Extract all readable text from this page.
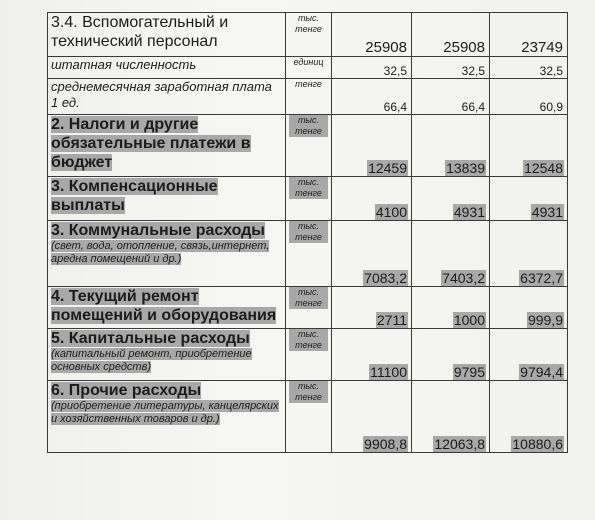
3.4. Вспомогательный и технический персонал	тыс. тенге	25908	25908	23749

штатная численность	единиц	32,5	32,5	32,5

среднемесячная заработная плата 1 ед.	тенге	66,4	66,4	60,9

2. Налоги и другие обязательные платежи в бюджет	тыс. тенге	12459	13839	12548

3. Компенсационные выплаты	тыс. тенге	4100	4931	4931

3. Коммунальные расходы
(свет, вода, отопление, связь,интернет, аредна помещений и др.)	тыс. тенге	7083,2	7403,2	6372,7

4. Текущий ремонт помещений и оборудования	тыс. тенге	2711	1000	999,9

5. Капитальные расходы
(капитальный ремонт, приобретение основных средств)	тыс. тенге	11100	9795	9794,4

6. Прочие расходы
(приобретение литературы, канцелярских и хозяйственных товаров и др.)	тыс. тенге	9908,8	12063,8	10880,6
